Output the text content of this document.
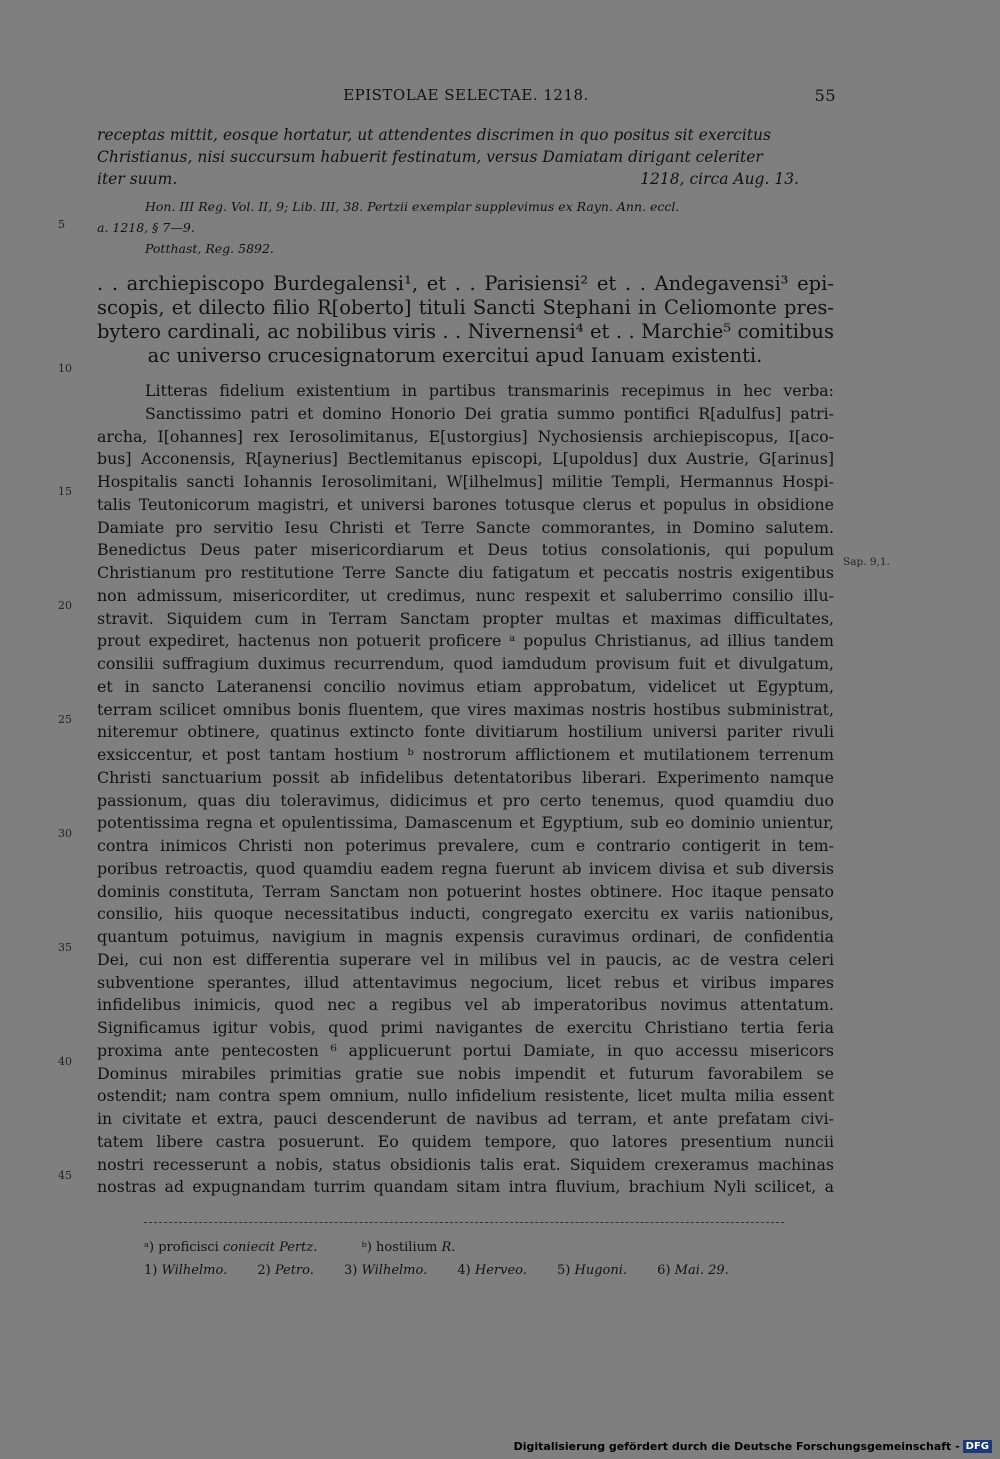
EPISTOLAE SELECTAE. 1218.	55
receptas mittit, eosque hortatur, ut attendentes discrimen in quo positus sit exercitus
Christianus, nisi succursum habuerit festinatum, versus Damiatam dirigant celeriter
iter suum.	1218, circa Aug. 13.
Hon. III Reg. Vol. II, 9; Lib. III, 38. Pertzii exemplar supplevimus ex Rayn. Ann. eccl.
a. 1218, § 7—9.
Potthast, Reg. 5892.
. . archiepiscopo Burdegalensi¹, et . . Parisiensi² et . . Andegavensi³ epi-
scopis, et dilecto filio R[oberto] tituli Sancti Stephani in Celiomonte pres-
bytero cardinali, ac nobilibus viris . . Nivernensi⁴ et . . Marchie⁵ comitibus
ac universo crucesignatorum exercitui apud Ianuam existenti.
5
10
15
20
25
30
35
40
45
Sap. 9,1.
Litteras fidelium existentium in partibus transmarinis recepimus in hec verba:
Sanctissimo patri et domino Honorio Dei gratia summo pontifici R[adulfus] patri-
archa, I[ohannes] rex Ierosolimitanus, E[ustorgius] Nychosiensis archiepiscopus, I[aco-
bus] Acconensis, R[aynerius] Bectlemitanus episcopi, L[upoldus] dux Austrie, G[arinus]
Hospitalis sancti Iohannis Ierosolimitani, W[ilhelmus] militie Templi, Hermannus Hospi-
talis Teutonicorum magistri, et universi barones totusque clerus et populus in obsidione
Damiate pro servitio Iesu Christi et Terre Sancte commorantes, in Domino salutem.
Benedictus Deus pater misericordiarum et Deus totius consolationis, qui populum
Christianum pro restitutione Terre Sancte diu fatigatum et peccatis nostris exigentibus
non admissum, misericorditer, ut credimus, nunc respexit et saluberrimo consilio illu-
stravit. Siquidem cum in Terram Sanctam propter multas et maximas difficultates,
prout expediret, hactenus non potuerit proficere ᵃ populus Christianus, ad illius tandem
consilii suffragium duximus recurrendum, quod iamdudum provisum fuit et divulgatum,
et in sancto Lateranensi concilio novimus etiam approbatum, videlicet ut Egyptum,
terram scilicet omnibus bonis fluentem, que vires maximas nostris hostibus subministrat,
niteremur obtinere, quatinus extincto fonte divitiarum hostilium universi pariter rivuli
exsiccentur, et post tantam hostium ᵇ nostrorum afflictionem et mutilationem terrenum
Christi sanctuarium possit ab infidelibus detentatoribus liberari. Experimento namque
passionum, quas diu toleravimus, didicimus et pro certo tenemus, quod quamdiu duo
potentissima regna et opulentissima, Damascenum et Egyptium, sub eo dominio unientur,
contra inimicos Christi non poterimus prevalere, cum e contrario contigerit in tem-
poribus retroactis, quod quamdiu eadem regna fuerunt ab invicem divisa et sub diversis
dominis constituta, Terram Sanctam non potuerint hostes obtinere. Hoc itaque pensato
consilio, hiis quoque necessitatibus inducti, congregato exercitu ex variis nationibus,
quantum potuimus, navigium in magnis expensis curavimus ordinari, de confidentia
Dei, cui non est differentia superare vel in milibus vel in paucis, ac de vestra celeri
subventione sperantes, illud attentavimus negocium, licet rebus et viribus impares
infidelibus inimicis, quod nec a regibus vel ab imperatoribus novimus attentatum.
Significamus igitur vobis, quod primi navigantes de exercitu Christiano tertia feria
proxima ante pentecosten ⁶ applicuerunt portui Damiate, in quo accessu misericors
Dominus mirabiles primitias gratie sue nobis impendit et futurum favorabilem se
ostendit; nam contra spem omnium, nullo infidelium resistente, licet multa milia essent
in civitate et extra, pauci descenderunt de navibus ad terram, et ante prefatam civi-
tatem libere castra posuerunt. Eo quidem tempore, quo latores presentium nuncii
nostri recesserunt a nobis, status obsidionis talis erat. Siquidem crexeramus machinas
nostras ad expugnandam turrim quandam sitam intra fluvium, brachium Nyli scilicet, a
ᵃ) proficisci coniecit Pertz.	ᵇ) hostilium R.
1) Wilhelmo. 2) Petro. 3) Wilhelmo. 4) Herveo. 5) Hugoni. 6) Mai. 29.
Digitalisierung gefördert durch die Deutsche Forschungsgemeinschaft - DFG
